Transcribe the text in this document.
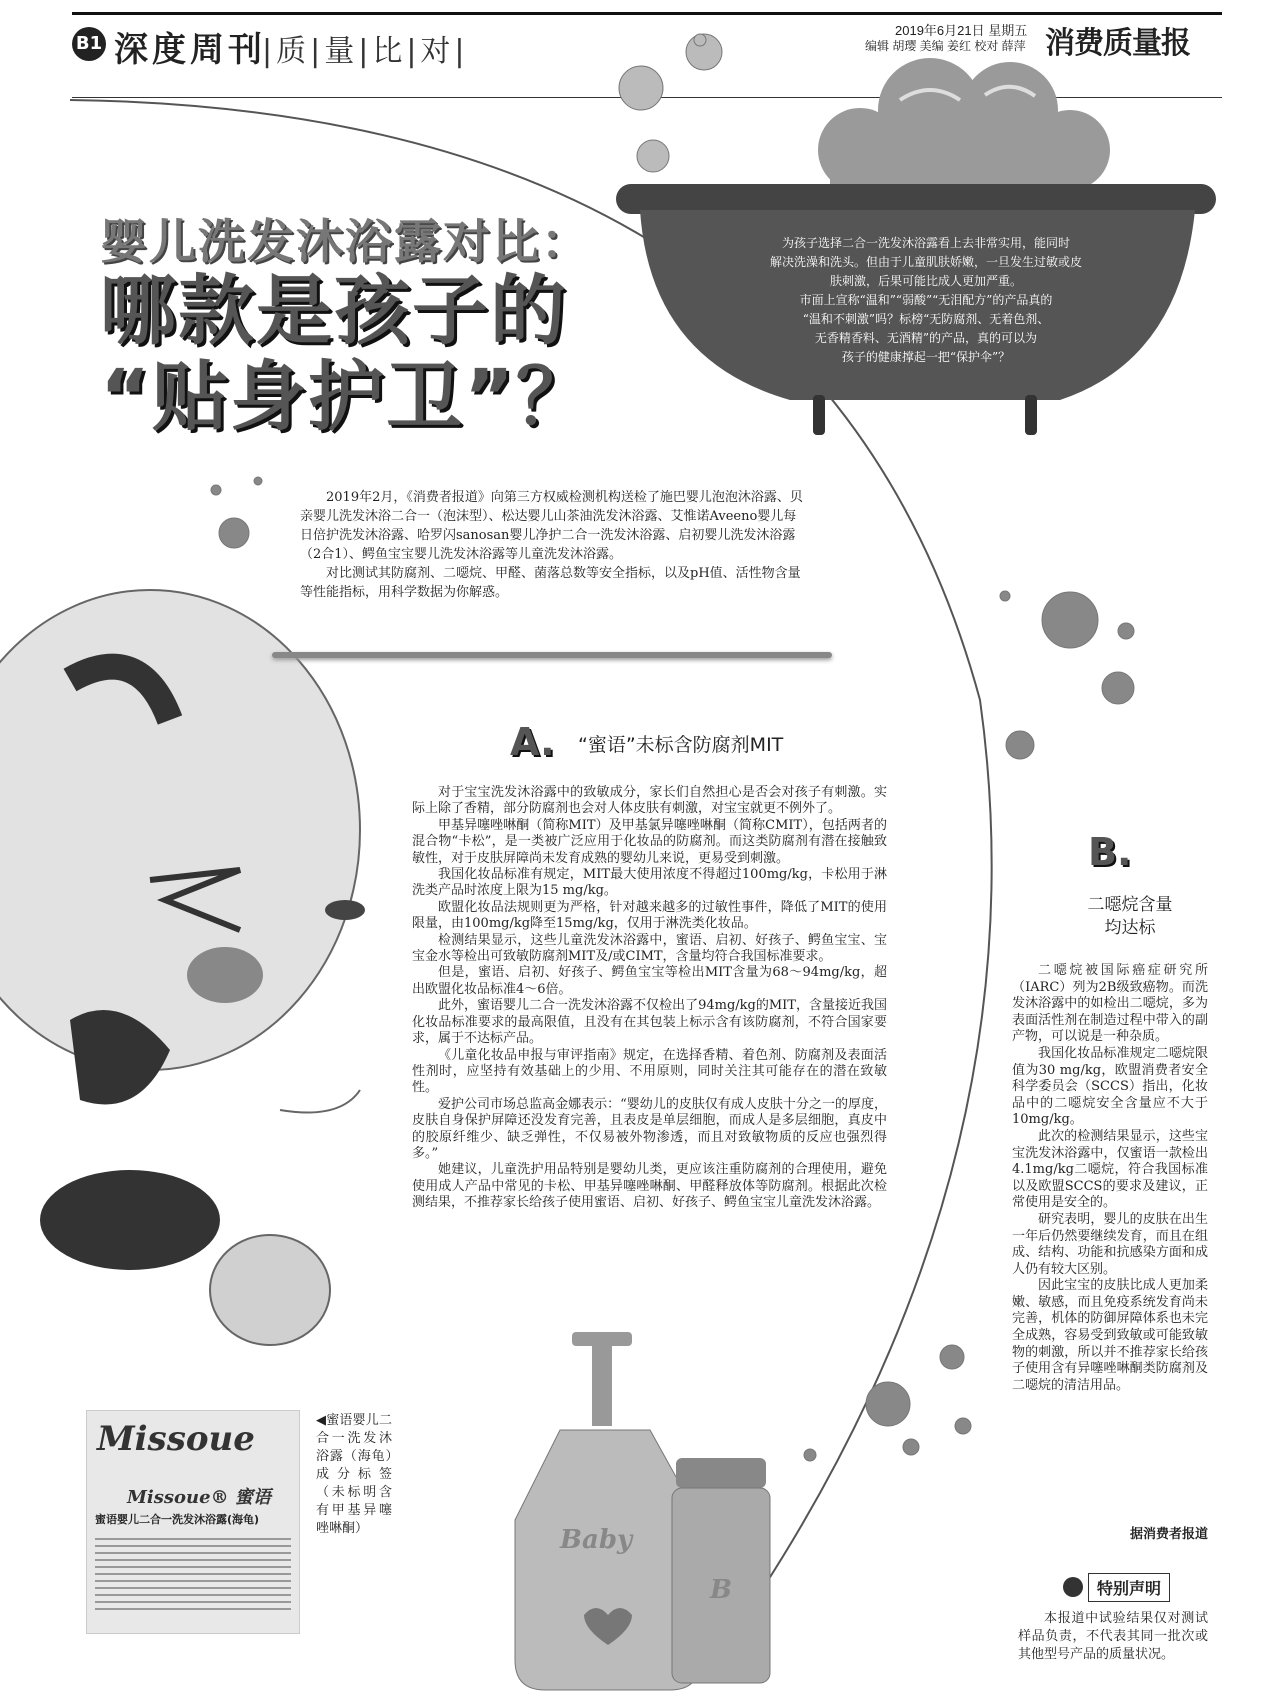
B1 深度周刊
|质|量|比|对|
2019年6月21日 星期五
编辑 胡璎 美编 姜红 校对 薛萍 消费质量报
Baby
B
婴儿洗发沐浴露对比：
哪款是孩子的
“贴身护卫”？
为孩子选择二合一洗发沐浴露看上去非常实用，能同时
解决洗澡和洗头。但由于儿童肌肤娇嫩，一旦发生过敏或皮
肤刺激，后果可能比成人更加严重。
市面上宣称“温和”“弱酸”“无泪配方”的产品真的
“温和不刺激”吗？标榜“无防腐剂、无着色剂、
无香精香料、无酒精”的产品，真的可以为
孩子的健康撑起一把“保护伞”？

2019年2月，《消费者报道》向第三方权威检测机构送检了施巴婴儿泡泡沐浴露、贝亲婴儿洗发沐浴二合一（泡沫型）、松达婴儿山茶油洗发沐浴露、艾惟诺Aveeno婴儿每日倍护洗发沐浴露、哈罗闪sanosan婴儿净护二合一洗发沐浴露、启初婴儿洗发沐浴露（2合1）、鳄鱼宝宝婴儿洗发沐浴露等儿童洗发沐浴露。

对比测试其防腐剂、二噁烷、甲醛、菌落总数等安全指标，以及pH值、活性物含量等性能指标，用科学数据为你解惑。

A. “蜜语”未标含防腐剂MIT

对于宝宝洗发沐浴露中的致敏成分，家长们自然担心是否会对孩子有刺激。实际上除了香精，部分防腐剂也会对人体皮肤有刺激，对宝宝就更不例外了。

甲基异噻唑啉酮（简称MIT）及甲基氯异噻唑啉酮（简称CMIT），包括两者的混合物“卡松”，是一类被广泛应用于化妆品的防腐剂。而这类防腐剂有潜在接触致敏性，对于皮肤屏障尚未发育成熟的婴幼儿来说，更易受到刺激。

我国化妆品标准有规定，MIT最大使用浓度不得超过100mg/kg，卡松用于淋洗类产品时浓度上限为15 mg/kg。

欧盟化妆品法规则更为严格，针对越来越多的过敏性事件，降低了MIT的使用限量，由100mg/kg降至15mg/kg，仅用于淋洗类化妆品。

检测结果显示，这些儿童洗发沐浴露中，蜜语、启初、好孩子、鳄鱼宝宝、宝宝金水等检出可致敏防腐剂MIT及/或CIMT，含量均符合我国标准要求。

但是，蜜语、启初、好孩子、鳄鱼宝宝等检出MIT含量为68～94mg/kg，超出欧盟化妆品标准4～6倍。

此外，蜜语婴儿二合一洗发沐浴露不仅检出了94mg/kg的MIT，含量接近我国化妆品标准要求的最高限值，且没有在其包装上标示含有该防腐剂，不符合国家要求，属于不达标产品。

《儿童化妆品申报与审评指南》规定，在选择香精、着色剂、防腐剂及表面活性剂时，应坚持有效基础上的少用、不用原则，同时关注其可能存在的潜在致敏性。

爱护公司市场总监高金娜表示：“婴幼儿的皮肤仅有成人皮肤十分之一的厚度，皮肤自身保护屏障还没发育完善，且表皮是单层细胞，而成人是多层细胞，真皮中的胶原纤维少、缺乏弹性，不仅易被外物渗透，而且对致敏物质的反应也强烈得多。”

她建议，儿童洗护用品特别是婴幼儿类，更应该注重防腐剂的合理使用，避免使用成人产品中常见的卡松、甲基异噻唑啉酮、甲醛释放体等防腐剂。根据此次检测结果，不推荐家长给孩子使用蜜语、启初、好孩子、鳄鱼宝宝儿童洗发沐浴露。

B.
二噁烷含量
均达标

二噁烷被国际癌症研究所（IARC）列为2B级致癌物。而洗发沐浴露中的如检出二噁烷，多为表面活性剂在制造过程中带入的副产物，可以说是一种杂质。

我国化妆品标准规定二噁烷限值为30 mg/kg，欧盟消费者安全科学委员会（SCCS）指出，化妆品中的二噁烷安全含量应不大于10mg/kg。

此次的检测结果显示，这些宝宝洗发沐浴露中，仅蜜语一款检出4.1mg/kg二噁烷，符合我国标准以及欧盟SCCS的要求及建议，正常使用是安全的。

研究表明，婴儿的皮肤在出生一年后仍然要继续发育，而且在组成、结构、功能和抗感染方面和成人仍有较大区别。

因此宝宝的皮肤比成人更加柔嫩、敏感，而且免疫系统发育尚未完善，机体的防御屏障体系也未完全成熟，容易受到致敏或可能致敏物的刺激，所以并不推荐家长给孩子使用含有异噻唑啉酮类防腐剂及二噁烷的清洁用品。

据消费者报道
Missoue
Missoue® 蜜语
蜜语婴儿二合一洗发沐浴露(海龟)
◀蜜语婴儿二合一洗发沐浴露（海龟）成分标签（未标明含有甲基异噻唑啉酮）
特别声明

本报道中试验结果仅对测试样品负责，不代表其同一批次或其他型号产品的质量状况。
